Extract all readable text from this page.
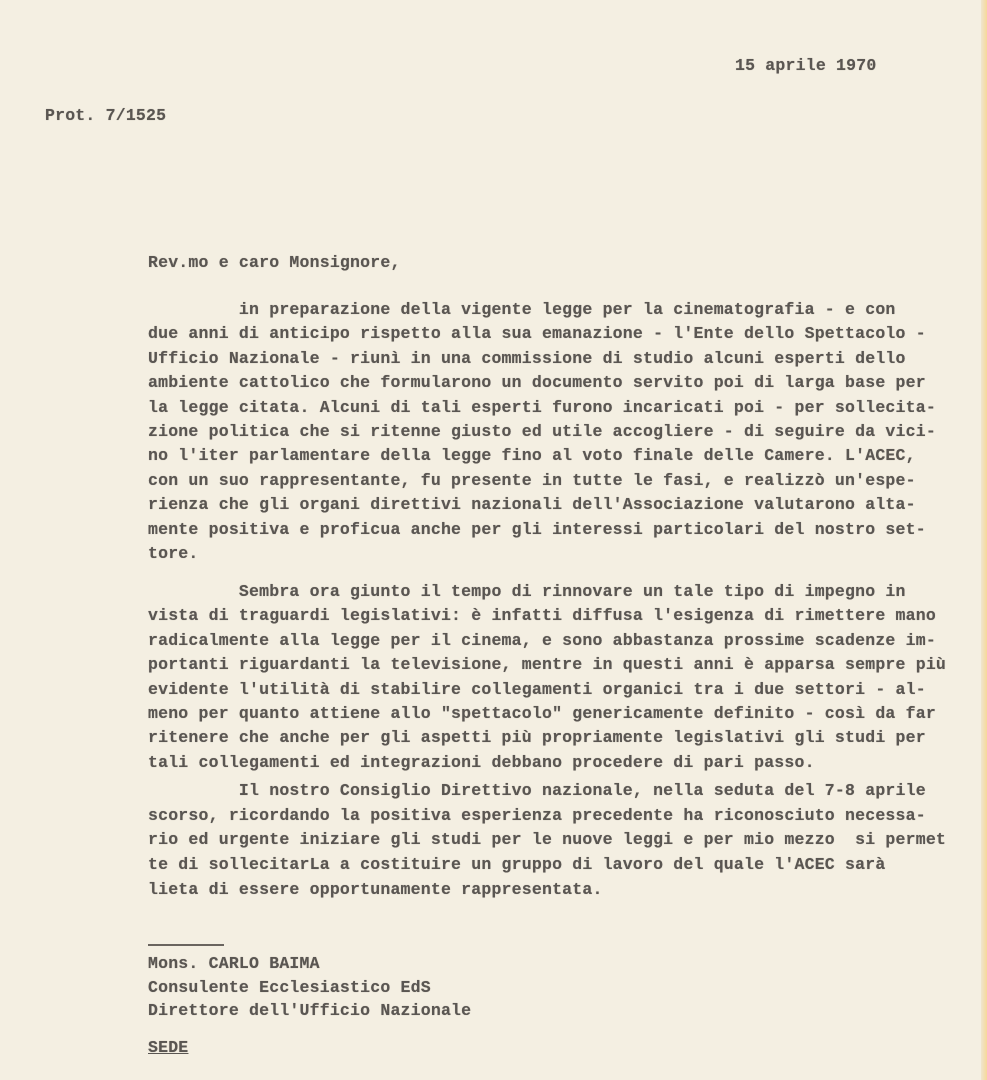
15 aprile 1970
Prot. 7/1525
Rev.mo e caro Monsignore,
in preparazione della vigente legge per la cinematografia - e con
due anni di anticipo rispetto alla sua emanazione - l'Ente dello Spettacolo -
Ufficio Nazionale - riunì in una commissione di studio alcuni esperti dello
ambiente cattolico che formularono un documento servito poi di larga base per
la legge citata. Alcuni di tali esperti furono incaricati poi - per sollecita-
zione politica che si ritenne giusto ed utile accogliere - di seguire da vici-
no l'iter parlamentare della legge fino al voto finale delle Camere. L'ACEC,
con un suo rappresentante, fu presente in tutte le fasi, e realizzò un'espe-
rienza che gli organi direttivi nazionali dell'Associazione valutarono alta-
mente positiva e proficua anche per gli interessi particolari del nostro set-
tore.
Sembra ora giunto il tempo di rinnovare un tale tipo di impegno in
vista di traguardi legislativi: è infatti diffusa l'esigenza di rimettere mano
radicalmente alla legge per il cinema, e sono abbastanza prossime scadenze im-
portanti riguardanti la televisione, mentre in questi anni è apparsa sempre più
evidente l'utilità di stabilire collegamenti organici tra i due settori - al-
meno per quanto attiene allo "spettacolo" genericamente definito - così da far
ritenere che anche per gli aspetti più propriamente legislativi gli studi per
tali collegamenti ed integrazioni debbano procedere di pari passo.
Il nostro Consiglio Direttivo nazionale, nella seduta del 7-8 aprile
scorso, ricordando la positiva esperienza precedente ha riconosciuto necessa-
rio ed urgente iniziare gli studi per le nuove leggi e per mio mezzo  si permet
te di sollecitarLa a costituire un gruppo di lavoro del quale l'ACEC sarà
lieta di essere opportunamente rappresentata.
Mons. CARLO BAIMA
Consulente Ecclesiastico EdS
Direttore dell'Ufficio Nazionale
SEDE
